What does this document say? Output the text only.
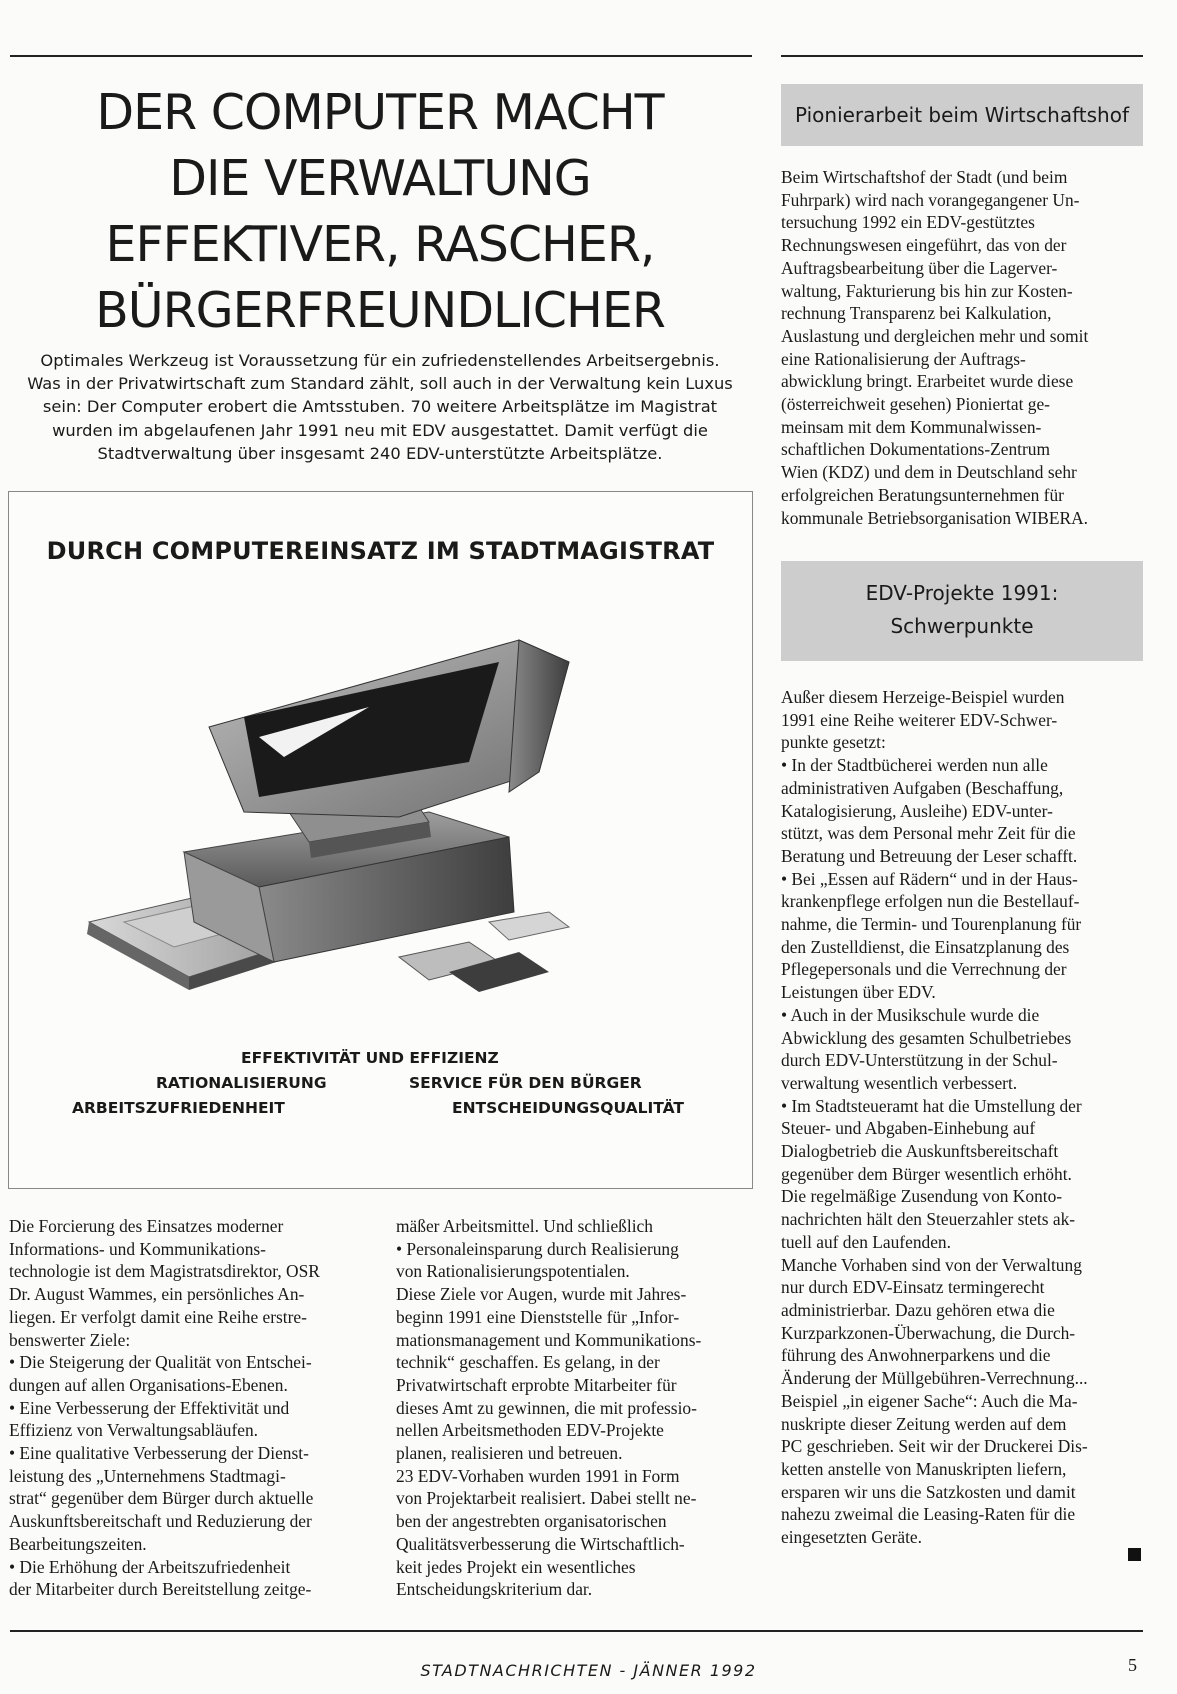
DER COMPUTER MACHT
DIE VERWALTUNG
EFFEKTIVER, RASCHER,
BÜRGERFREUNDLICHER
Optimales Werkzeug ist Voraussetzung für ein zufriedenstellendes Arbeitsergebnis.
Was in der Privatwirtschaft zum Standard zählt, soll auch in der Verwaltung kein Luxus
sein: Der Computer erobert die Amtsstuben. 70 weitere Arbeitsplätze im Magistrat
wurden im abgelaufenen Jahr 1991 neu mit EDV ausgestattet. Damit verfügt die
Stadtverwaltung über insgesamt 240 EDV-unterstützte Arbeitsplätze.
DURCH COMPUTEREINSATZ IM STADTMAGISTRAT
EFFEKTIVITÄT UND EFFIZIENZ
RATIONALISIERUNG	SERVICE FÜR DEN BÜRGER
ARBEITSZUFRIEDENHEIT	ENTSCHEIDUNGSQUALITÄT
Die Forcierung des Einsatzes moderner
Informations- und Kommunikations-
technologie ist dem Magistratsdirektor, OSR
Dr. August Wammes, ein persönliches An-
liegen. Er verfolgt damit eine Reihe erstre-
benswerter Ziele:
• Die Steigerung der Qualität von Entschei-
dungen auf allen Organisations-Ebenen.
• Eine Verbesserung der Effektivität und
Effizienz von Verwaltungsabläufen.
• Eine qualitative Verbesserung der Dienst-
leistung des „Unternehmens Stadtmagi-
strat“ gegenüber dem Bürger durch aktuelle
Auskunftsbereitschaft und Reduzierung der
Bearbeitungszeiten.
• Die Erhöhung der Arbeitszufriedenheit
der Mitarbeiter durch Bereitstellung zeitge-
mäßer Arbeitsmittel. Und schließlich
• Personaleinsparung durch Realisierung
von Rationalisierungspotentialen.
Diese Ziele vor Augen, wurde mit Jahres-
beginn 1991 eine Dienststelle für „Infor-
mationsmanagement und Kommunikations-
technik“ geschaffen. Es gelang, in der
Privatwirtschaft erprobte Mitarbeiter für
dieses Amt zu gewinnen, die mit professio-
nellen Arbeitsmethoden EDV-Projekte
planen, realisieren und betreuen.
23 EDV-Vorhaben wurden 1991 in Form
von Projektarbeit realisiert. Dabei stellt ne-
ben der angestrebten organisatorischen
Qualitätsverbesserung die Wirtschaftlich-
keit jedes Projekt ein wesentliches
Entscheidungskriterium dar.
Pionierarbeit beim Wirtschaftshof
Beim Wirtschaftshof der Stadt (und beim
Fuhrpark) wird nach vorangegangener Un-
tersuchung 1992 ein EDV-gestütztes
Rechnungswesen eingeführt, das von der
Auftragsbearbeitung über die Lagerver-
waltung, Fakturierung bis hin zur Kosten-
rechnung Transparenz bei Kalkulation,
Auslastung und dergleichen mehr und somit
eine Rationalisierung der Auftrags-
abwicklung bringt. Erarbeitet wurde diese
(österreichweit gesehen) Pioniertat ge-
meinsam mit dem Kommunalwissen-
schaftlichen Dokumentations-Zentrum
Wien (KDZ) und dem in Deutschland sehr
erfolgreichen Beratungsunternehmen für
kommunale Betriebsorganisation WIBERA.
EDV-Projekte 1991:
Schwerpunkte
Außer diesem Herzeige-Beispiel wurden
1991 eine Reihe weiterer EDV-Schwer-
punkte gesetzt:
• In der Stadtbücherei werden nun alle
administrativen Aufgaben (Beschaffung,
Katalogisierung, Ausleihe) EDV-unter-
stützt, was dem Personal mehr Zeit für die
Beratung und Betreuung der Leser schafft.
• Bei „Essen auf Rädern“ und in der Haus-
krankenpflege erfolgen nun die Bestellauf-
nahme, die Termin- und Tourenplanung für
den Zustelldienst, die Einsatzplanung des
Pflegepersonals und die Verrechnung der
Leistungen über EDV.
• Auch in der Musikschule wurde die
Abwicklung des gesamten Schulbetriebes
durch EDV-Unterstützung in der Schul-
verwaltung wesentlich verbessert.
• Im Stadtsteueramt hat die Umstellung der
Steuer- und Abgaben-Einhebung auf
Dialogbetrieb die Auskunftsbereitschaft
gegenüber dem Bürger wesentlich erhöht.
Die regelmäßige Zusendung von Konto-
nachrichten hält den Steuerzahler stets ak-
tuell auf den Laufenden.
Manche Vorhaben sind von der Verwaltung
nur durch EDV-Einsatz termingerecht
administrierbar. Dazu gehören etwa die
Kurzparkzonen-Überwachung, die Durch-
führung des Anwohnerparkens und die
Änderung der Müllgebühren-Verrechnung...
Beispiel „in eigener Sache“: Auch die Ma-
nuskripte dieser Zeitung werden auf dem
PC geschrieben. Seit wir der Druckerei Dis-
ketten anstelle von Manuskripten liefern,
ersparen wir uns die Satzkosten und damit
nahezu zweimal die Leasing-Raten für die
eingesetzten Geräte.
STADTNACHRICHTEN - JÄNNER 1992	5
